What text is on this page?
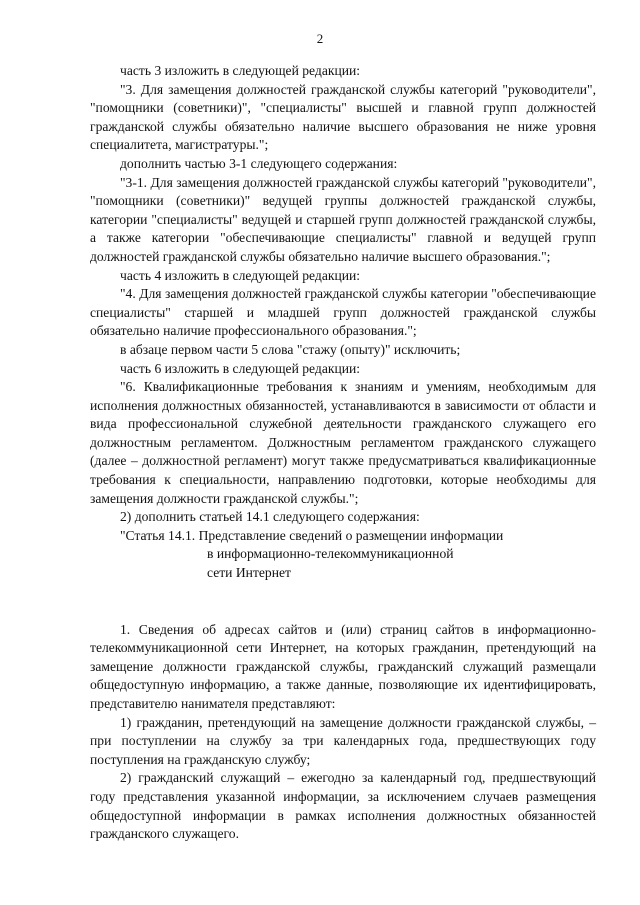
2

часть 3 изложить в следующей редакции:

"3. Для замещения должностей гражданской службы категорий "руководители", "помощники (советники)", "специалисты" высшей и главной групп должностей гражданской службы обязательно наличие высшего образования не ниже уровня специалитета, магистратуры.";

дополнить частью 3-1 следующего содержания:

"3-1. Для замещения должностей гражданской службы категорий "руководители", "помощники (советники)" ведущей группы должностей гражданской службы, категории "специалисты" ведущей и старшей групп должностей гражданской службы, а также категории "обеспечивающие специалисты" главной и ведущей групп должностей гражданской службы обязательно наличие высшего образования.";

часть 4 изложить в следующей редакции:

"4. Для замещения должностей гражданской службы категории "обеспечивающие специалисты" старшей и младшей групп должностей гражданской службы обязательно наличие профессионального образования.";

в абзаце первом части 5 слова "стажу (опыту)" исключить;

часть 6 изложить в следующей редакции:

"6. Квалификационные требования к знаниям и умениям, необходимым для исполнения должностных обязанностей, устанавливаются в зависимости от области и вида профессиональной служебной деятельности гражданского служащего его должностным регламентом. Должностным регламентом гражданского служащего (далее – должностной регламент) могут также предусматриваться квалификационные требования к специальности, направлению подготовки, которые необходимы для замещения должности гражданской службы.";

2) дополнить статьей 14.1 следующего содержания:

"Статья 14.1. Представление сведений о размещении информации

в информационно-телекоммуникационной

сети Интернет

1. Сведения об адресах сайтов и (или) страниц сайтов в информационно-телекоммуникационной сети Интернет, на которых гражданин, претендующий на замещение должности гражданской службы, гражданский служащий размещали общедоступную информацию, а также данные, позволяющие их идентифицировать, представителю нанимателя представляют:

1) гражданин, претендующий на замещение должности гражданской службы, – при поступлении на службу за три календарных года, предшествующих году поступления на гражданскую службу;

2) гражданский служащий – ежегодно за календарный год, предшествующий году представления указанной информации, за исключением случаев размещения общедоступной информации в рамках исполнения должностных обязанностей гражданского служащего.
